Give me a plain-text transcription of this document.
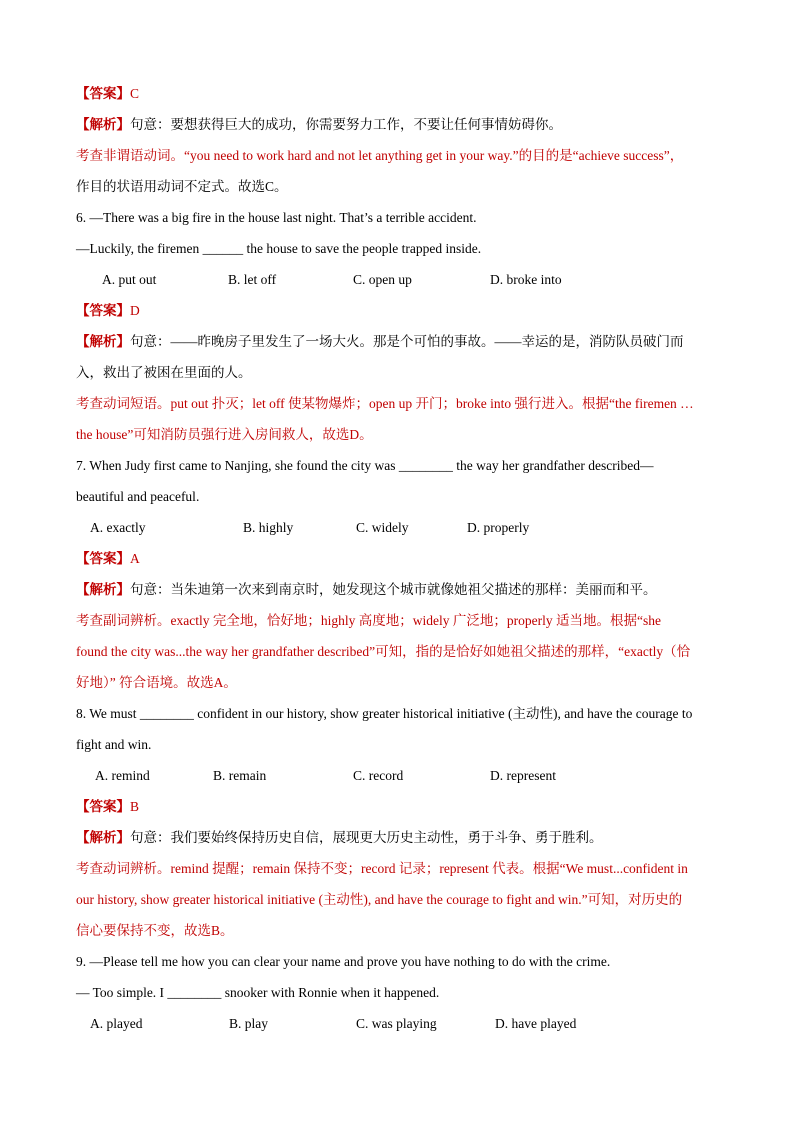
【答案】C
【解析】句意：要想获得巨大的成功，你需要努力工作，不要让任何事情妨碍你。
考查非谓语动词。“you need to work hard and not let anything get in your way.”的目的是“achieve success”，
作目的状语用动词不定式。故选C。
6. —There was a big fire in the house last night. That’s a terrible accident.
—Luckily, the firemen ______ the house to save the people trapped inside.
A. put out	B. let off	C. open up	D. broke into
【答案】D
【解析】句意：——昨晚房子里发生了一场大火。那是个可怕的事故。——幸运的是，消防队员破门而
入，救出了被困在里面的人。
考查动词短语。put out 扑灭；let off 使某物爆炸；open up 开门；broke into 强行进入。根据“the firemen …
the house”可知消防员强行进入房间救人，故选D。
7. When Judy first came to Nanjing, she found the city was ________ the way her grandfather described—
beautiful and peaceful.
A. exactly	B. highly	C. widely	D. properly
【答案】A
【解析】句意：当朱迪第一次来到南京时，她发现这个城市就像她祖父描述的那样：美丽而和平。
考查副词辨析。exactly 完全地，恰好地；highly 高度地；widely 广泛地；properly 适当地。根据“she
found the city was...the way her grandfather described”可知，指的是恰好如她祖父描述的那样，“exactly（恰
好地）” 符合语境。故选A。
8. We must ________ confident in our history, show greater historical initiative (主动性), and have the courage to
fight and win.
A. remind	B. remain	C. record	D. represent
【答案】B
【解析】句意：我们要始终保持历史自信，展现更大历史主动性，勇于斗争、勇于胜利。
考查动词辨析。remind 提醒；remain 保持不变；record 记录；represent 代表。根据“We must...confident in
our history, show greater historical initiative (主动性), and have the courage to fight and win.”可知，对历史的
信心要保持不变，故选B。
9. —Please tell me how you can clear your name and prove you have nothing to do with the crime.
— Too simple. I ________ snooker with Ronnie when it happened.
A. played	B. play	C. was playing	D. have played
